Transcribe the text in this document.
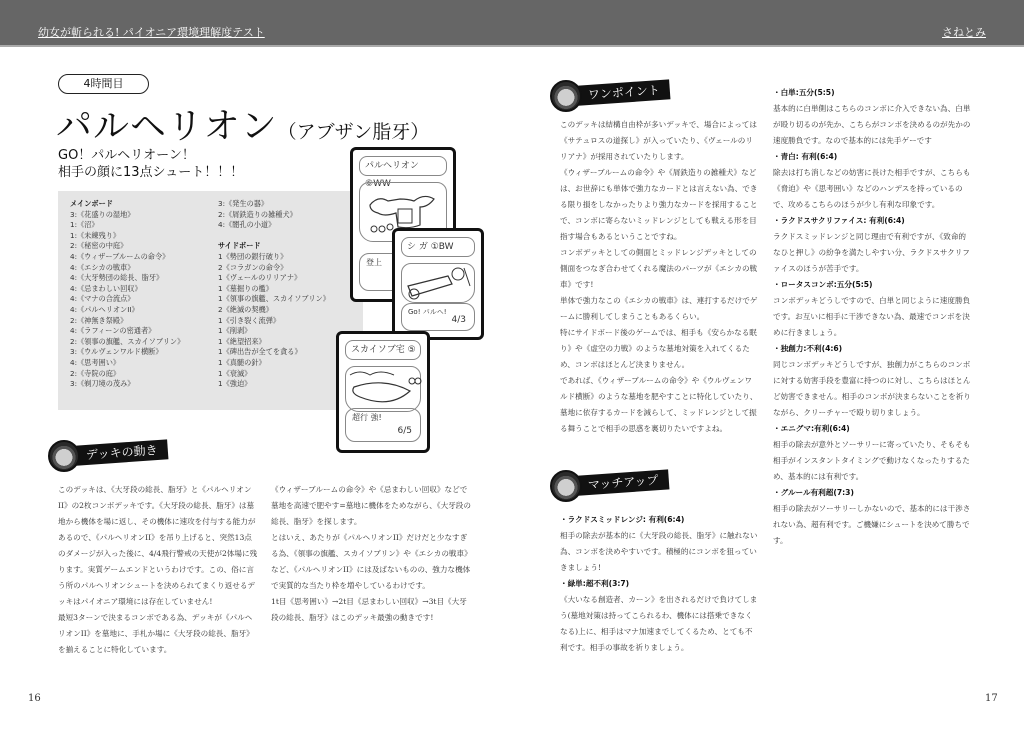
幼女が斬られる! パイオニア環境理解度テスト	さねとみ
4時間目
パルヘリオン（アブザン脂牙）
GO！パルヘリオーン！
相手の顔に13点シュート！！！
メインボード
3:《花盛りの湿地》
1:《沼》
1:《未練残り》
2:《秘密の中庭》
4:《ウィザーブルームの命令》
4:《エシカの戦車》
4:《大牙勢団の総長、脂牙》
4:《忌まわしい回収》
4:《マナの合流点》
4:《パルヘリオンII》
2:《神無き祭殿》
4:《ラフィーンの密通者》
2:《領事の旗艦、スカイソブリン》
3:《ウルヴェンワルド横断》
4:《思考囲い》
2:《寺院の庭》
3:《剃刀境の茂み》
3:《発生の器》
2:《屑鉄造りの雑種犬》
4:《闇孔の小道》
サイドボード
1《勢団の銀行破り》
2《コラガンの命令》
1《ヴェールのリリアナ》
1《墓掘りの檻》
1《領事の旗艦、スカイソブリン》
2《絶滅の契機》
1《引き裂く流弾》
1《削剥》
1《絶望招来》
1《碑出告が全てを貪る》
1《真髄の針》
1《衰滅》
1《強迫》
パルヘリオン ⑥WW
登上
シ ガ ①BW
Go! パルヘ!
4/3
スカイソブ宅 ⑤
超行 強!
6/5
デッキの動き

このデッキは、《大牙段の総長、脂牙》と《パルヘリオンII》の2枚コンボデッキです。《大牙段の総長、脂牙》は墓地から機体を場に返し、その機体に速攻を付与する能力があるので、《パルヘリオンII》を吊り上げると、突然13点のダメージが入った後に、4/4飛行警戒の天使が2体場に残ります。実質ゲームエンドというわけです。この、俗に言う所のパルヘリオンシュートを決められてまくり返せるデッキはパイオニア環境には存在していません!

最短3ターンで決まるコンボである為、デッキが《パルヘリオンII》を墓地に、手札か場に《大牙段の総長、脂牙》を揃えることに特化しています。

《ウィザーブルームの命令》や《忌まわしい回収》などで墓地を高速で肥やす=墓地に機体をためながら、《大牙段の総長、脂牙》を探します。

とはいえ、あたりが《パルヘリオンII》だけだと少なすぎる為、《領事の旗艦、スカイソブリン》や《エシカの戦車》など、《パルヘリオンII》には及ばないものの、強力な機体で実質的な当たり枠を増やしているわけです。

1t目《思考囲い》→2t目《忌まわしい回収》→3t目《大牙段の総長、脂牙》はこのデッキ最強の動きです!

16
ワンポイント

このデッキは結構自由枠が多いデッキで、場合によっては《サテュロスの道探し》が入っていたり、《ヴェールのリリアナ》が採用されていたりします。

《ウィザーブルームの命令》や《屑鉄造りの雑種犬》などは、お世辞にも単体で強力なカードとは言えない為、できる限り損をしなかったりより強力なカードを採用することで、コンボに寄らないミッドレンジとしても戦える形を目指す場合もあるということですね。

コンボデッキとしての側面とミッドレンジデッキとしての側面をつなぎ合わせてくれる魔法のパーツが《エシカの戦車》です!

単体で強力なこの《エシカの戦車》は、連打するだけでゲームに勝利してしまうこともあるくらい。

特にサイドボード後のゲームでは、相手も《安らかなる眠り》や《虚空の力戦》のような墓地対策を入れてくるため、コンボはほとんど決まりません。

であれば、《ウィザーブルームの命令》や《ウルヴェンワルド横断》のような墓地を肥やすことに特化していたり、墓地に依存するカードを減らして、ミッドレンジとして振る舞うことで相手の思惑を裏切りたいですよね。

マッチアップ

・ラクドスミッドレンジ: 有利(6:4)

相手の除去が基本的に《大牙段の総長、脂牙》に触れない為、コンボを決めやすいです。積極的にコンボを狙っていきましょう!

・緑単:超不利(3:7)

《大いなる創造者、カーン》を出されるだけで負けてしまう(墓地対策は持ってこられるわ、機体には搭乗できなくなる)上に、相手はマナ加速までしてくるため、とても不利です。相手の事故を祈りましょう。

・白単:五分(5:5)

基本的に白単側はこちらのコンボに介入できない為、白単が殴り切るのが先か、こちらがコンボを決めるのが先かの速度勝負です。なので基本的には先手ゲーです

・青白: 有利(6:4)

除去は打ち消しなどの妨害に長けた相手ですが、こちらも《脅迫》や《思考囲い》などのハンデスを持っているので、攻めるこちらのほうが少し有利な印象です。

・ラクドスサクリファイス: 有利(6:4)

ラクドスミッドレンジと同じ理由で有利ですが、《致命的なひと押し》の紛争を満たしやすい分、ラクドスサクリファイスのほうが苦手です。

・ロータスコンボ:五分(5:5)

コンボデッキどうしですので、白単と同じように速度勝負です。お互いに相手に干渉できない為、最速でコンボを決めに行きましょう。

・独創力:不利(4:6)

同じコンボデッキどうしですが、独創力がこちらのコンボに対する妨害手段を豊富に持つのに対し、こちらはほとんど妨害できません。相手のコンボが決まらないことを祈りながら、クリーチャーで殴り切りましょう。

・エニグマ:有利(6:4)

相手の除去が意外とソーサリーに寄っていたり、そもそも相手がインスタントタイミングで動けなくなったりするため、基本的には有利です。

・グルール有利超(7:3)

相手の除去がソーサリーしかないので、基本的には干渉されない為、超有利です。ご機嫌にシュートを決めて勝ちです。

17
